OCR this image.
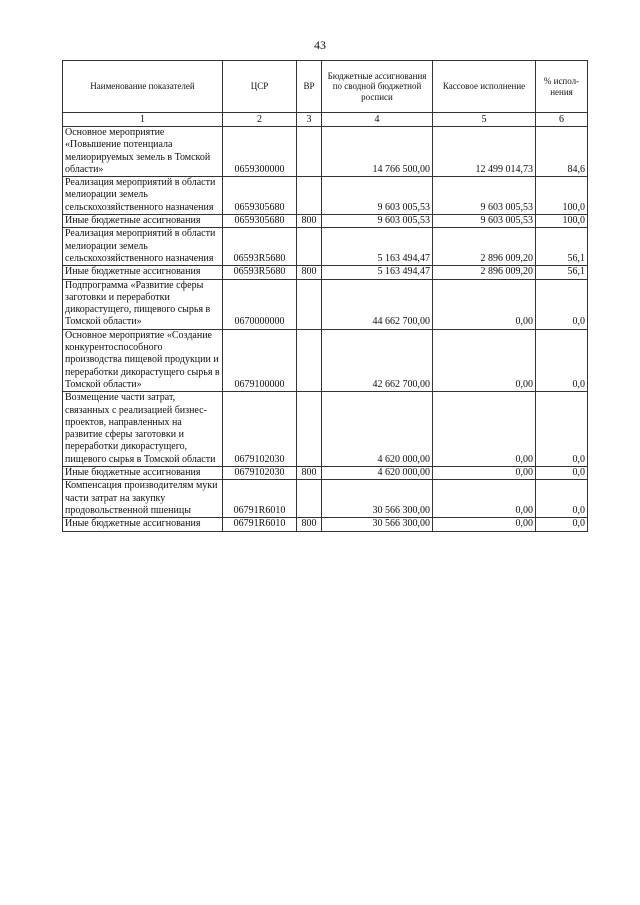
43
Наименование показателей	ЦСР	ВР	Бюджетные ассигнования по сводной бюджетной росписи	Кассовое исполнение	% испол-нения
1	2	3	4	5	6
Основное мероприятие «Повышение потенциала мелиорируемых земель в Томской области»	0659300000		14 766 500,00	12 499 014,73	84,6
Реализация мероприятий в области мелиорации земель сельскохозяйственного назначения	0659305680		9 603 005,53	9 603 005,53	100,0
Иные бюджетные ассигнования	0659305680	800	9 603 005,53	9 603 005,53	100,0
Реализация мероприятий в области мелиорации земель сельскохозяйственного назначения	06593R5680		5 163 494,47	2 896 009,20	56,1
Иные бюджетные ассигнования	06593R5680	800	5 163 494,47	2 896 009,20	56,1
Подпрограмма «Развитие сферы заготовки и переработки дикорастущего, пищевого сырья в Томской области»	0670000000		44 662 700,00	0,00	0,0
Основное мероприятие «Создание конкурентоспособного производства пищевой продукции и переработки дикорастущего сырья в Томской области»	0679100000		42 662 700,00	0,00	0,0
Возмещение части затрат, связанных с реализацией бизнес-проектов, направленных на развитие сферы заготовки и переработки дикорастущего, пищевого сырья в Томской области	0679102030		4 620 000,00	0,00	0,0
Иные бюджетные ассигнования	0679102030	800	4 620 000,00	0,00	0,0
Компенсация производителям муки части затрат на закупку продовольственной пшеницы	06791R6010		30 566 300,00	0,00	0,0
Иные бюджетные ассигнования	06791R6010	800	30 566 300,00	0,00	0,0
